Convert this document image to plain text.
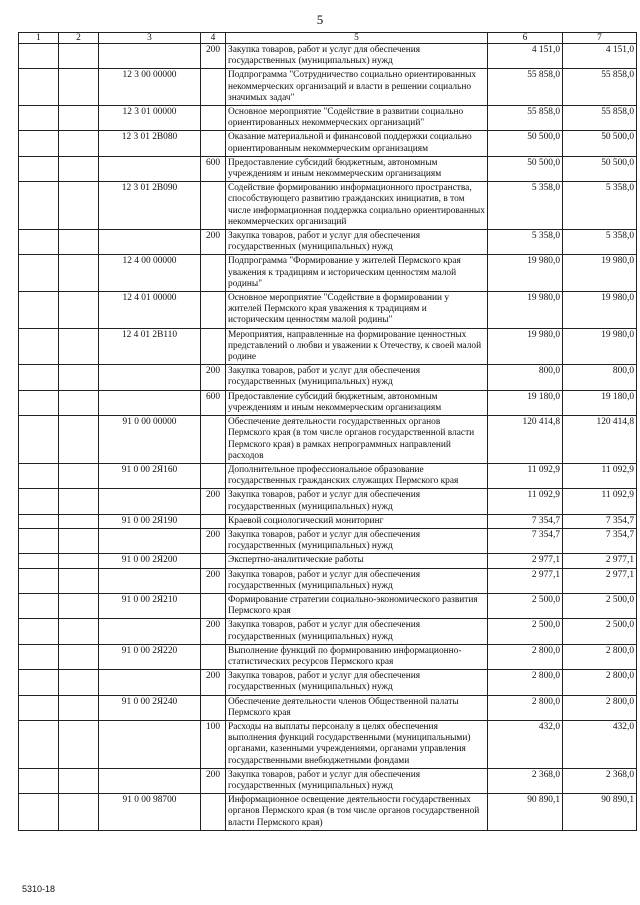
5
1	2	3	4	5	6	7
			200	Закупка товаров, работ и услуг для обеспечения государственных (муниципальных) нужд	4 151,0	4 151,0
		12 3 00 00000		Подпрограмма "Сотрудничество социально ориентированных некоммерческих организаций и власти в решении социально значимых задач"	55 858,0	55 858,0
		12 3 01 00000		Основное мероприятие "Содействие в развитии социально ориентированных некоммерческих организаций"	55 858,0	55 858,0
		12 3 01 2В080		Оказание материальной и финансовой поддержки социально ориентированным некоммерческим организациям	50 500,0	50 500,0
			600	Предоставление субсидий бюджетным, автономным учреждениям и иным некоммерческим организациям	50 500,0	50 500,0
		12 3 01 2В090		Содействие формированию информационного пространства, способствующего развитию гражданских инициатив, в том числе информационная поддержка социально ориентированных некоммерческих организаций	5 358,0	5 358,0
			200	Закупка товаров, работ и услуг для обеспечения государственных (муниципальных) нужд	5 358,0	5 358,0
		12 4 00 00000		Подпрограмма "Формирование у жителей Пермского края уважения к традициям и историческим ценностям малой родины"	19 980,0	19 980,0
		12 4 01 00000		Основное мероприятие "Содействие в формировании у жителей Пермского края уважения к традициям и историческим ценностям малой родины"	19 980,0	19 980,0
		12 4 01 2В110		Мероприятия, направленные на формирование ценностных представлений о любви и уважении к Отечеству, к своей малой родине	19 980,0	19 980,0
			200	Закупка товаров, работ и услуг для обеспечения государственных (муниципальных) нужд	800,0	800,0
			600	Предоставление субсидий бюджетным, автономным учреждениям и иным некоммерческим организациям	19 180,0	19 180,0
		91 0 00 00000		Обеспечение деятельности государственных органов Пермского края (в том числе органов государственной власти Пермского края) в рамках непрограммных направлений расходов	120 414,8	120 414,8
		91 0 00 2Я160		Дополнительное профессиональное образование государственных гражданских служащих Пермского края	11 092,9	11 092,9
			200	Закупка товаров, работ и услуг для обеспечения государственных (муниципальных) нужд	11 092,9	11 092,9
		91 0 00 2Я190		Краевой социологический мониторинг	7 354,7	7 354,7
			200	Закупка товаров, работ и услуг для обеспечения государственных (муниципальных) нужд	7 354,7	7 354,7
		91 0 00 2Я200		Экспертно-аналитические работы	2 977,1	2 977,1
			200	Закупка товаров, работ и услуг для обеспечения государственных (муниципальных) нужд	2 977,1	2 977,1
		91 0 00 2Я210		Формирование стратегии социально-экономического развития Пермского края	2 500,0	2 500,0
			200	Закупка товаров, работ и услуг для обеспечения государственных (муниципальных) нужд	2 500,0	2 500,0
		91 0 00 2Я220		Выполнение функций по формированию информационно-статистических ресурсов Пермского края	2 800,0	2 800,0
			200	Закупка товаров, работ и услуг для обеспечения государственных (муниципальных) нужд	2 800,0	2 800,0
		91 0 00 2Я240		Обеспечение деятельности членов Общественной палаты Пермского края	2 800,0	2 800,0
			100	Расходы на выплаты персоналу в целях обеспечения выполнения функций государственными (муниципальными) органами, казенными учреждениями, органами управления государственными внебюджетными фондами	432,0	432,0
			200	Закупка товаров, работ и услуг для обеспечения государственных (муниципальных) нужд	2 368,0	2 368,0
		91 0 00 98700		Информационное освещение деятельности государственных органов Пермского края (в том числе органов государственной власти Пермского края)	90 890,1	90 890,1
5310-18
